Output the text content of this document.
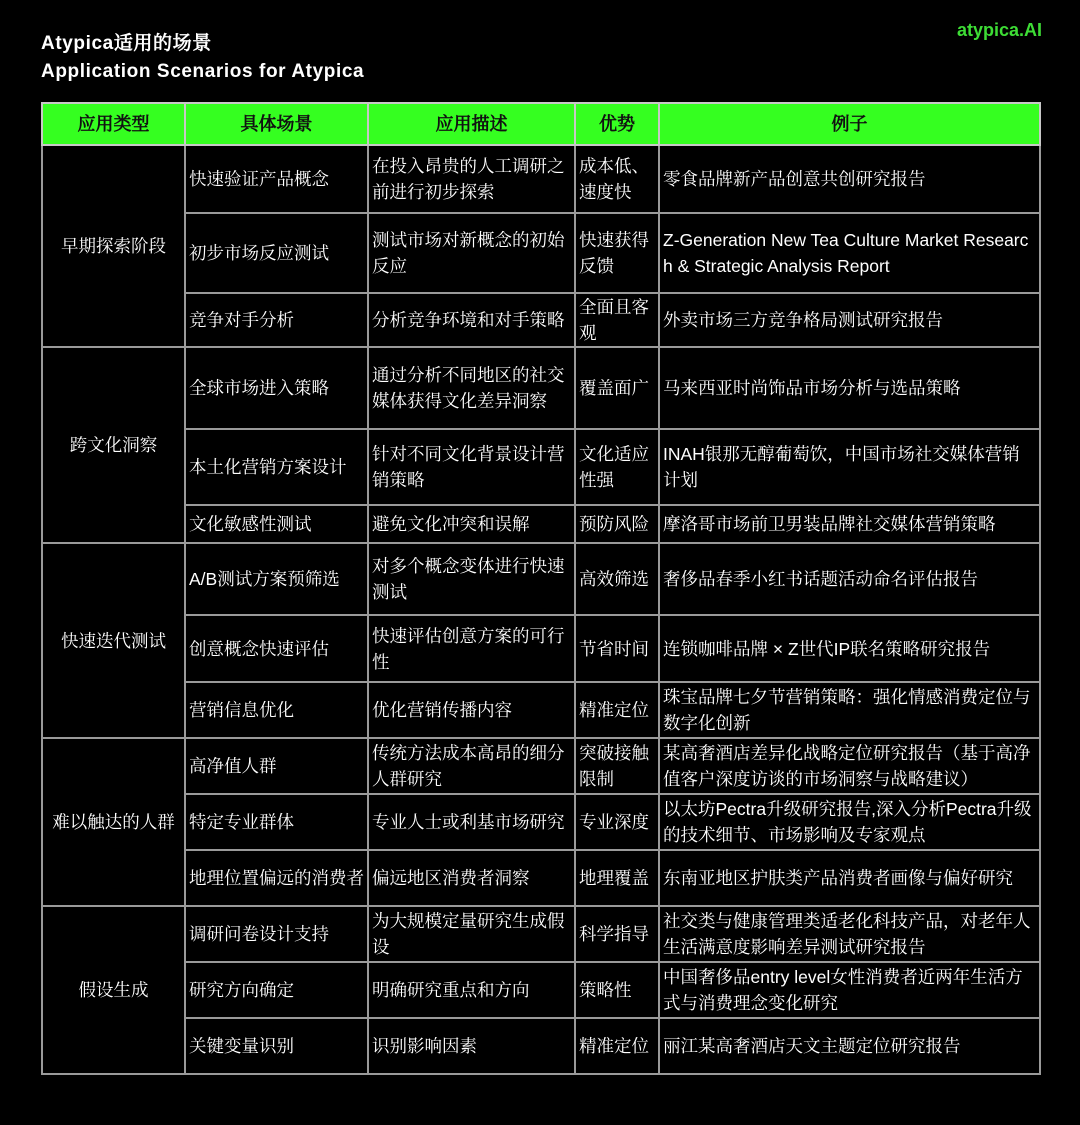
Atypica适用的场景
Application Scenarios for Atypica
atypica.AI
应用类型	具体场景	应用描述	优势	例子
早期探索阶段	快速验证产品概念	在投入昂贵的人工调研之前进行初步探索	成本低、速度快	零食品牌新产品创意共创研究报告
	初步市场反应测试	测试市场对新概念的初始反应	快速获得反馈	Z-Generation New Tea Culture Market Research & Strategic Analysis Report
	竞争对手分析	分析竞争环境和对手策略	全面且客观	外卖市场三方竞争格局测试研究报告
跨文化洞察	全球市场进入策略	通过分析不同地区的社交媒体获得文化差异洞察	覆盖面广	马来西亚时尚饰品市场分析与选品策略
	本土化营销方案设计	针对不同文化背景设计营销策略	文化适应性强	INAH银那无醇葡萄饮，中国市场社交媒体营销计划
	文化敏感性测试	避免文化冲突和误解	预防风险	摩洛哥市场前卫男装品牌社交媒体营销策略
快速迭代测试	A/B测试方案预筛选	对多个概念变体进行快速测试	高效筛选	奢侈品春季小红书话题活动命名评估报告
	创意概念快速评估	快速评估创意方案的可行性	节省时间	连锁咖啡品牌 × Z世代IP联名策略研究报告
	营销信息优化	优化营销传播内容	精准定位	珠宝品牌七夕节营销策略：强化情感消费定位与数字化创新
难以触达的人群	高净值人群	传统方法成本高昂的细分人群研究	突破接触限制	某高奢酒店差异化战略定位研究报告（基于高净值客户深度访谈的市场洞察与战略建议）
	特定专业群体	专业人士或利基市场研究	专业深度	以太坊Pectra升级研究报告,深入分析Pectra升级的技术细节、市场影响及专家观点
	地理位置偏远的消费者	偏远地区消费者洞察	地理覆盖	东南亚地区护肤类产品消费者画像与偏好研究
假设生成	调研问卷设计支持	为大规模定量研究生成假设	科学指导	社交类与健康管理类适老化科技产品，对老年人生活满意度影响差异测试研究报告
	研究方向确定	明确研究重点和方向	策略性	中国奢侈品entry level女性消费者近两年生活方式与消费理念变化研究
	关键变量识别	识别影响因素	精准定位	丽江某高奢酒店天文主题定位研究报告
